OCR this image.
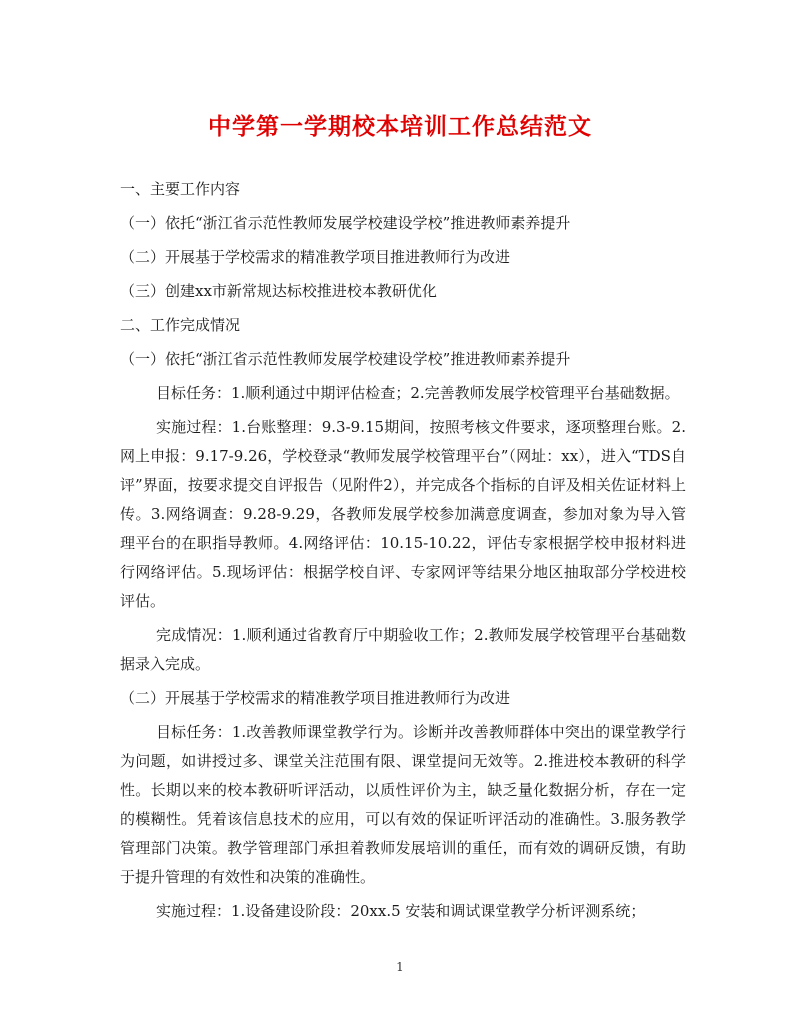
中学第一学期校本培训工作总结范文

一、主要工作内容

（一）依托“浙江省示范性教师发展学校建设学校”推进教师素养提升

（二）开展基于学校需求的精准教学项目推进教师行为改进

（三）创建xx市新常规达标校推进校本教研优化

二、工作完成情况

（一）依托“浙江省示范性教师发展学校建设学校”推进教师素养提升

目标任务：1.顺利通过中期评估检查；2.完善教师发展学校管理平台基础数据。

实施过程：1.台账整理：9.3-9.15期间，按照考核文件要求，逐项整理台账。2.网上申报：9.17-9.26，学校登录“教师发展学校管理平台”（网址：xx），进入“TDS自评”界面，按要求提交自评报告（见附件2），并完成各个指标的自评及相关佐证材料上传。3.网络调查：9.28-9.29，各教师发展学校参加满意度调查，参加对象为导入管理平台的在职指导教师。4.网络评估：10.15-10.22，评估专家根据学校申报材料进行网络评估。5.现场评估：根据学校自评、专家网评等结果分地区抽取部分学校进校评估。

完成情况：1.顺利通过省教育厅中期验收工作；2.教师发展学校管理平台基础数据录入完成。

（二）开展基于学校需求的精准教学项目推进教师行为改进

目标任务：1.改善教师课堂教学行为。诊断并改善教师群体中突出的课堂教学行为问题，如讲授过多、课堂关注范围有限、课堂提问无效等。2.推进校本教研的科学性。长期以来的校本教研听评活动，以质性评价为主，缺乏量化数据分析，存在一定的模糊性。凭着该信息技术的应用，可以有效的保证听评活动的准确性。3.服务教学管理部门决策。教学管理部门承担着教师发展培训的重任，而有效的调研反馈，有助于提升管理的有效性和决策的准确性。

实施过程：1.设备建设阶段：20xx.5 安装和调试课堂教学分析评测系统；

1
